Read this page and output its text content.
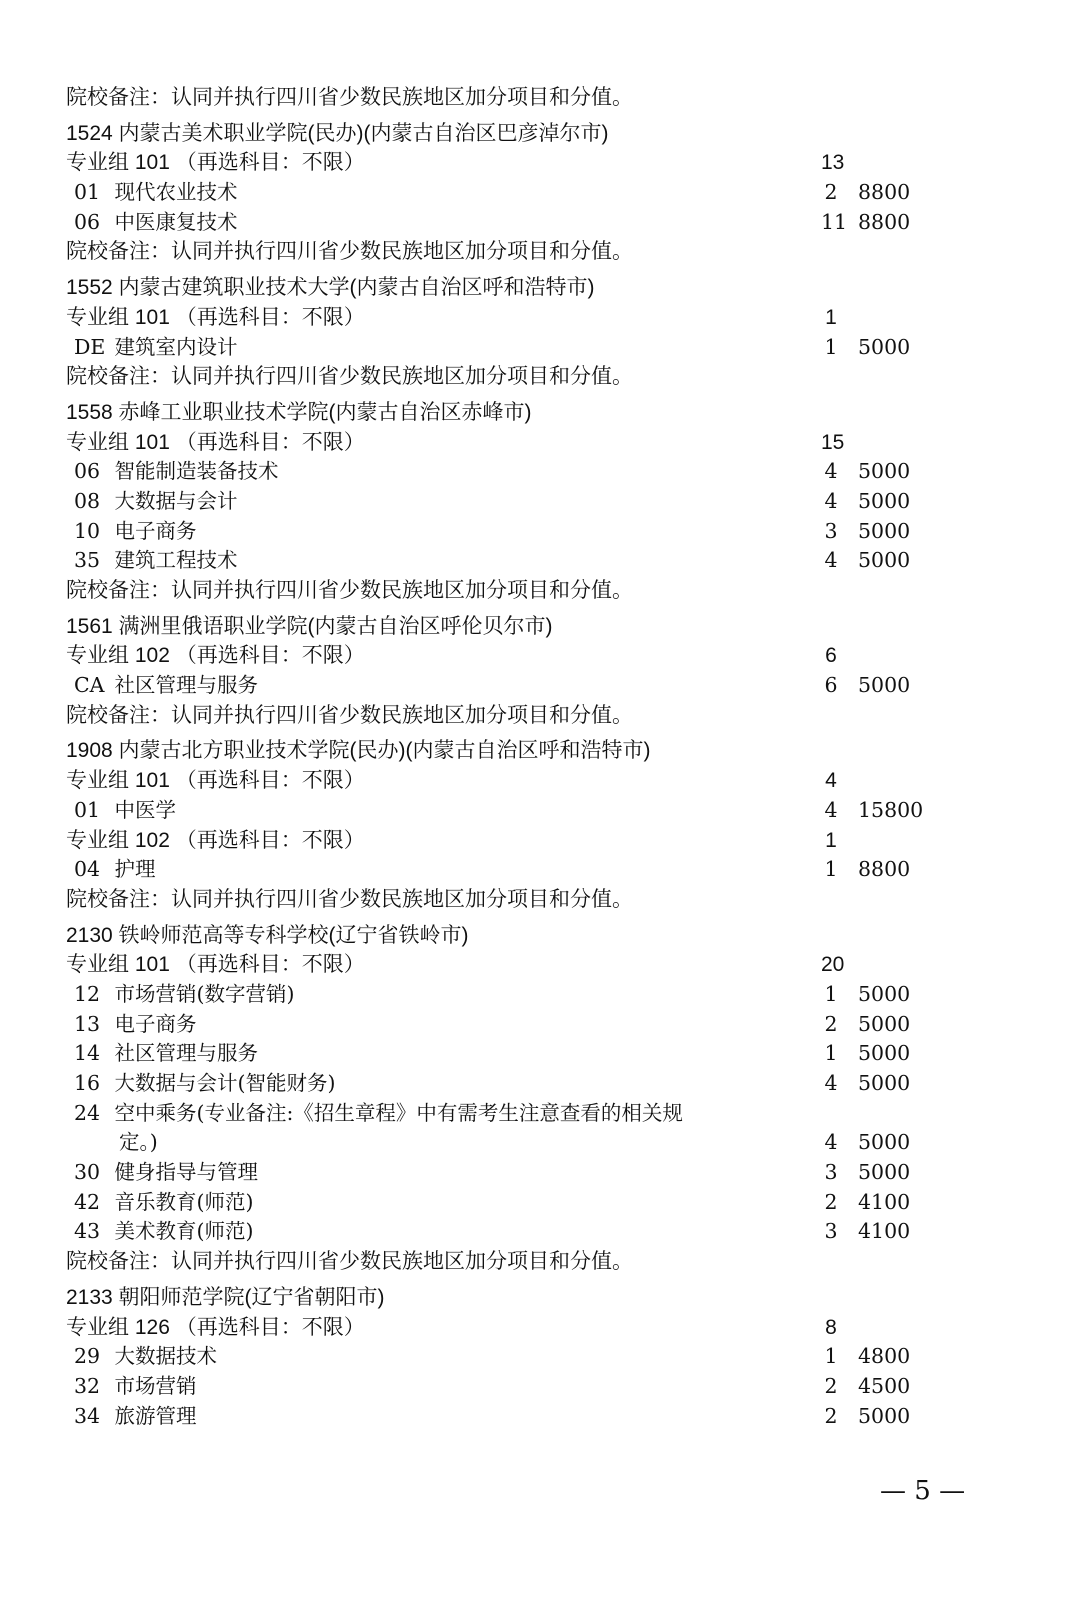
院校备注：认同并执行四川省少数民族地区加分项目和分值。
1524 内蒙古美术职业学院(民办)(内蒙古自治区巴彦淖尔市)
专业组 101 （再选科目：不限）	13
01 现代农业技术	2 8800
06 中医康复技术	11 8800
院校备注：认同并执行四川省少数民族地区加分项目和分值。
1552 内蒙古建筑职业技术大学(内蒙古自治区呼和浩特市)
专业组 101 （再选科目：不限）	1
DE 建筑室内设计	1 5000
院校备注：认同并执行四川省少数民族地区加分项目和分值。
1558 赤峰工业职业技术学院(内蒙古自治区赤峰市)
专业组 101 （再选科目：不限）	15
06 智能制造装备技术	4 5000
08 大数据与会计	4 5000
10 电子商务	3 5000
35 建筑工程技术	4 5000
院校备注：认同并执行四川省少数民族地区加分项目和分值。
1561 满洲里俄语职业学院(内蒙古自治区呼伦贝尔市)
专业组 102 （再选科目：不限）	6
CA 社区管理与服务	6 5000
院校备注：认同并执行四川省少数民族地区加分项目和分值。
1908 内蒙古北方职业技术学院(民办)(内蒙古自治区呼和浩特市)
专业组 101 （再选科目：不限）	4
01 中医学	4 15800
专业组 102 （再选科目：不限）	1
04 护理	1 8800
院校备注：认同并执行四川省少数民族地区加分项目和分值。
2130 铁岭师范高等专科学校(辽宁省铁岭市)
专业组 101 （再选科目：不限）	20
12 市场营销(数字营销)	1 5000
13 电子商务	2 5000
14 社区管理与服务	1 5000
16 大数据与会计(智能财务)	4 5000
24 空中乘务(专业备注:《招生章程》中有需考生注意查看的相关规
定。)	4 5000
30 健身指导与管理	3 5000
42 音乐教育(师范)	2 4100
43 美术教育(师范)	3 4100
院校备注：认同并执行四川省少数民族地区加分项目和分值。
2133 朝阳师范学院(辽宁省朝阳市)
专业组 126 （再选科目：不限）	8
29 大数据技术	1 4800
32 市场营销	2 4500
34 旅游管理	2 5000
— 5 —
